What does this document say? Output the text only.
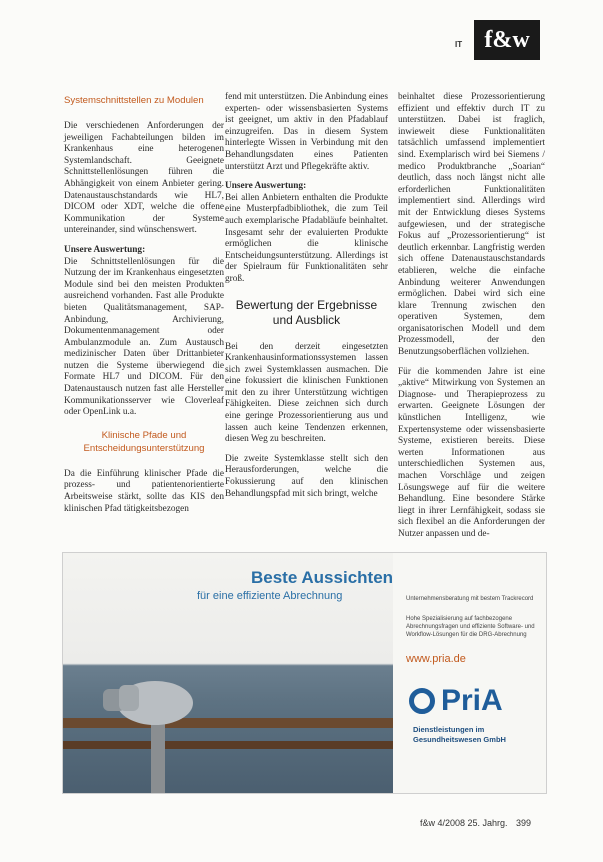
IT f&w
Systemschnittstellen zu Modulen

Die verschiedenen Anforderungen der jeweiligen Fachabteilungen bilden im Krankenhaus eine heterogenen Systemlandschaft. Geeignete Schnittstellenlösungen führen die Abhängigkeit von einem Anbieter gering. Datenaustauschstandards wie HL7, DICOM oder XDT, welche die offene Kommunikation der Systeme untereinander, sind wünschenswert.

Unsere Auswertung:

Die Schnittstellenlösungen für die Nutzung der im Krankenhaus eingesetzten Module sind bei den meisten Produkten ausreichend vorhanden. Fast alle Produkte bieten Qualitätsmanagement, SAP-Anbindung, Archivierung, Dokumentenmanagement oder Ambulanzmodule an. Zum Austausch medizinischer Daten über Drittanbieter nutzen die Systeme überwiegend die Formate HL7 und DICOM. Für den Datenaustausch nutzen fast alle Hersteller Kommunikationsserver wie Cloverleaf oder OpenLink u.a.

Klinische Pfade und Entscheidungsunterstützung

Da die Einführung klinischer Pfade die prozess- und patientenorientierte Arbeitsweise stärkt, sollte das KIS den klinischen Pfad tätigkeitsbezogen

fend mit unterstützen. Die Anbindung eines experten- oder wissensbasierten Systems ist geeignet, um aktiv in den Pfadablauf einzugreifen. Das in diesem System hinterlegte Wissen in Verbindung mit den Behandlungsdaten eines Patienten unterstützt Arzt und Pflegekräfte aktiv.

Unsere Auswertung:

Bei allen Anbietern enthalten die Produkte eine Musterpfadbibliothek, die zum Teil auch exemplarische Pfadabläufe beinhaltet. Insgesamt sehr der evaluierten Produkte ermöglichen die klinische Entscheidungsunterstützung. Allerdings ist der Spielraum für Funktionalitäten sehr groß.

Bewertung der Ergebnisse und Ausblick

Bei den derzeit eingesetzten Krankenhausinformationssystemen lassen sich zwei Systemklassen ausmachen. Die eine fokussiert die klinischen Funktionen mit den zu ihrer Unterstützung wichtigen Fähigkeiten. Diese zeichnen sich durch eine geringe Prozessorientierung aus und lassen auch keine Tendenzen erkennen, diesen Weg zu beschreiten.

Die zweite Systemklasse stellt sich den Herausforderungen, welche die Fokussierung auf den klinischen Behandlungspfad mit sich bringt, welche

beinhaltet diese Prozessorientierung effizient und effektiv durch IT zu unterstützen. Dabei ist fraglich, inwieweit diese Funktionalitäten tatsächlich umfassend implementiert sind. Exemplarisch wird bei Siemens / medico Produktbranche „Soarian“ deutlich, dass noch längst nicht alle erforderlichen Funktionalitäten implementiert sind. Allerdings wird mit der Entwicklung dieses Systems aufgewiesen, und der strategische Fokus auf „Prozessorientierung“ ist deutlich erkennbar. Langfristig werden sich offene Datenaustauschstandards etablieren, welche die einfache Anbindung weiterer Anwendungen ermöglichen. Dabei wird sich eine klare Trennung zwischen den operativen Systemen, dem organisatorischen Modell und dem Prozessmodell, der den Benutzungsoberflächen vollziehen.

Für die kommenden Jahre ist eine „aktive“ Mitwirkung von Systemen an Diagnose- und Therapieprozess zu erwarten. Geeignete Lösungen der künstlichen Intelligenz, wie Expertensysteme oder wissensbasierte Systeme, existieren bereits. Diese werten Informationen aus unterschiedlichen Systemen aus, machen Vorschläge und zeigen Lösungswege auf für die weitere Behandlung. Eine besondere Stärke liegt in ihrer Lernfähigkeit, sodass sie sich flexibel an die Anforderungen der Nutzer anpassen und de-

Beste Aussichten
für eine effiziente Abrechnung	Unternehmensberatung mit bestem Trackrecord
Hohe Spezialisierung auf fachbezogene Abrechnungsfragen und effiziente Software- und Workflow-Lösungen für die DRG-Abrechnung
www.pria.de
PriA
Dienstleistungen im
Gesundheitswesen GmbH
f&w 4/2008 25. Jahrg. 399
